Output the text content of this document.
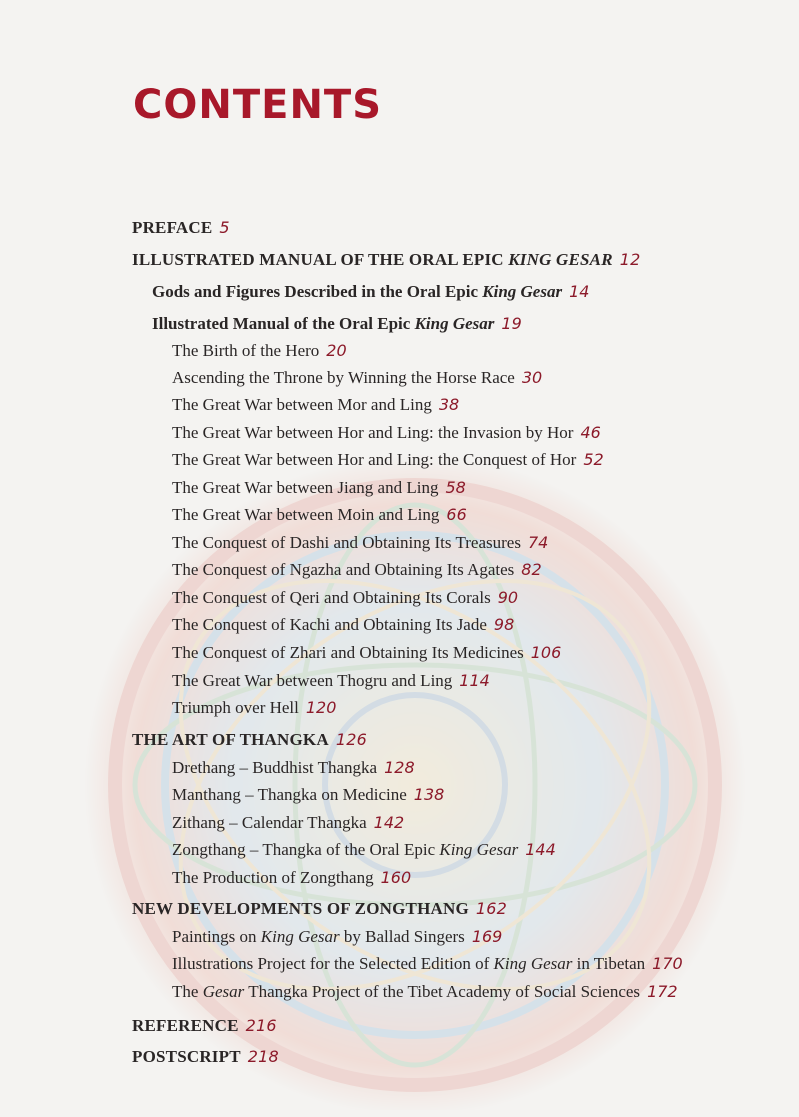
CONTENTS
PREFACE 5
ILLUSTRATED MANUAL OF THE ORAL EPIC KING GESAR 12
Gods and Figures Described in the Oral Epic King Gesar 14
Illustrated Manual of the Oral Epic King Gesar 19
The Birth of the Hero 20
Ascending the Throne by Winning the Horse Race 30
The Great War between Mor and Ling 38
The Great War between Hor and Ling: the Invasion by Hor 46
The Great War between Hor and Ling: the Conquest of Hor 52
The Great War between Jiang and Ling 58
The Great War between Moin and Ling 66
The Conquest of Dashi and Obtaining Its Treasures 74
The Conquest of Ngazha and Obtaining Its Agates 82
The Conquest of Qeri and Obtaining Its Corals 90
The Conquest of Kachi and Obtaining Its Jade 98
The Conquest of Zhari and Obtaining Its Medicines 106
The Great War between Thogru and Ling 114
Triumph over Hell 120
THE ART OF THANGKA 126
Drethang – Buddhist Thangka 128
Manthang – Thangka on Medicine 138
Zithang – Calendar Thangka 142
Zongthang – Thangka of the Oral Epic King Gesar 144
The Production of Zongthang 160
NEW DEVELOPMENTS OF ZONGTHANG 162
Paintings on King Gesar by Ballad Singers 169
Illustrations Project for the Selected Edition of King Gesar in Tibetan 170
The Gesar Thangka Project of the Tibet Academy of Social Sciences 172
REFERENCE 216
POSTSCRIPT 218
